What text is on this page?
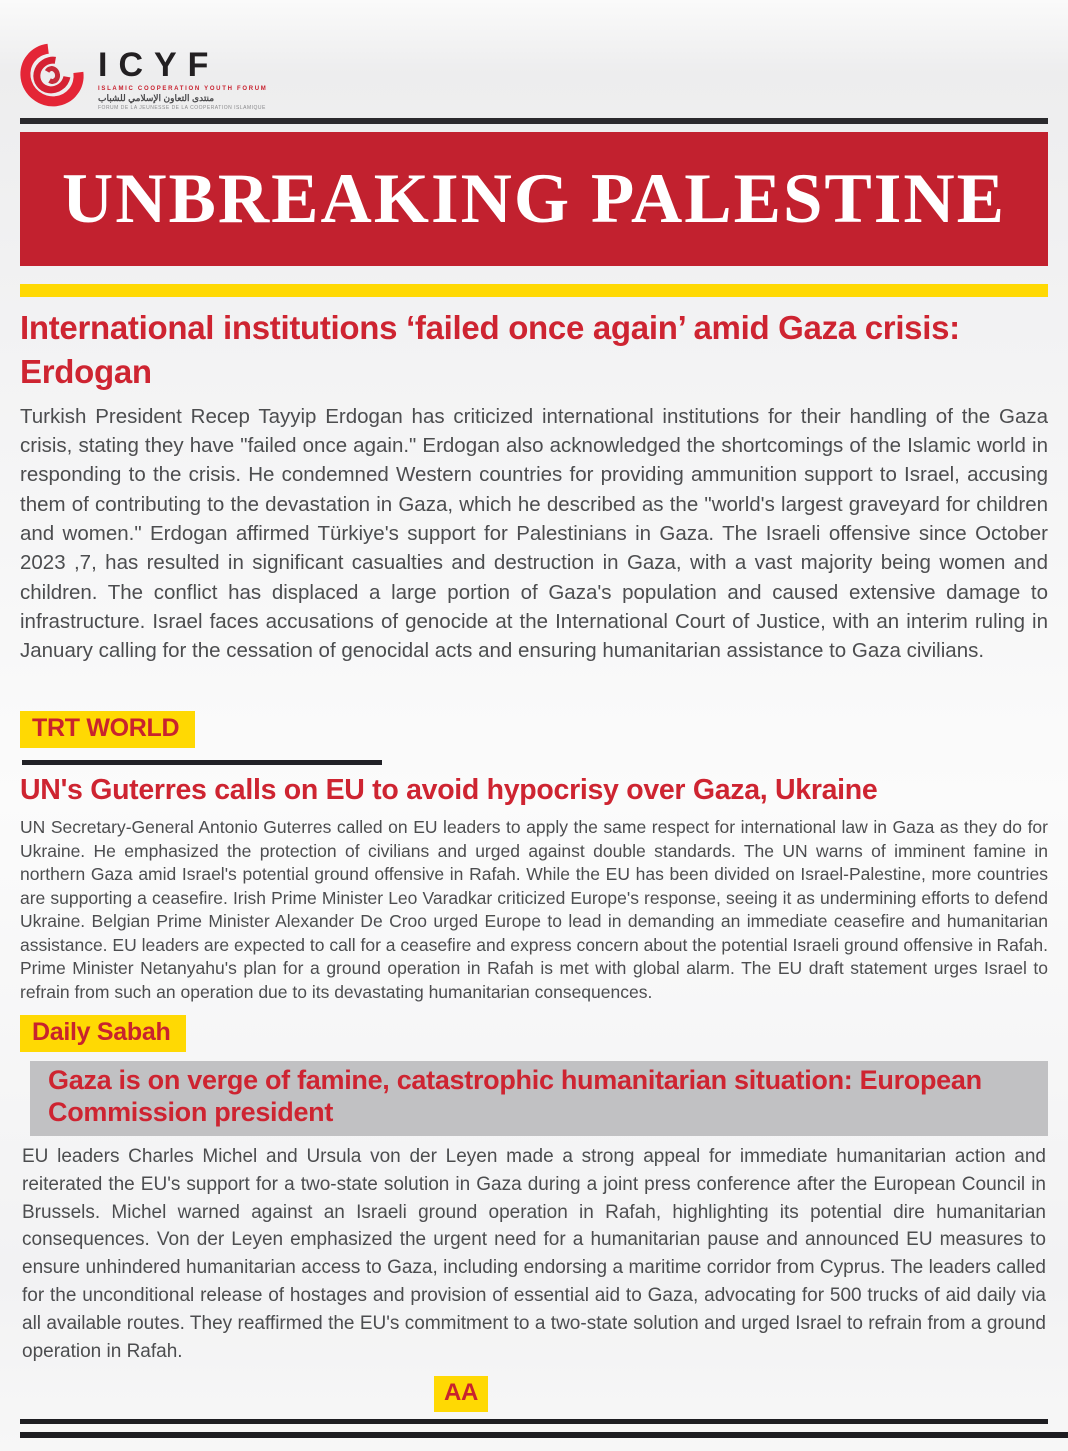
ICYF
ISLAMIC COOPERATION YOUTH FORUM
منتدى التعاون الإسلامي للشباب
FORUM DE LA JEUNESSE DE LA COOPERATION ISLAMIQUE
UNBREAKING PALESTINE
International institutions ‘failed once again’ amid Gaza crisis: Erdogan

Turkish President Recep Tayyip Erdogan has criticized international institutions for their handling of the Gaza crisis, stating they have "failed once again." Erdogan also acknowledged the shortcomings of the Islamic world in responding to the crisis. He condemned Western countries for providing ammunition support to Israel, accusing them of contributing to the devastation in Gaza, which he described as the "world's largest graveyard for children and women." Erdogan affirmed Türkiye's support for Palestinians in Gaza. The Israeli offensive since October 2023 ,7, has resulted in significant casualties and destruction in Gaza, with a vast majority being women and children. The conflict has displaced a large portion of Gaza's population and caused extensive damage to infrastructure. Israel faces accusations of genocide at the International Court of Justice, with an interim ruling in January calling for the cessation of genocidal acts and ensuring humanitarian assistance to Gaza civilians.

TRT WORLD
UN's Guterres calls on EU to avoid hypocrisy over Gaza, Ukraine

UN Secretary-General Antonio Guterres called on EU leaders to apply the same respect for international law in Gaza as they do for Ukraine. He emphasized the protection of civilians and urged against double standards. The UN warns of imminent famine in northern Gaza amid Israel's potential ground offensive in Rafah. While the EU has been divided on Israel-Palestine, more countries are supporting a ceasefire. Irish Prime Minister Leo Varadkar criticized Europe's response, seeing it as undermining efforts to defend Ukraine. Belgian Prime Minister Alexander De Croo urged Europe to lead in demanding an immediate ceasefire and humanitarian assistance. EU leaders are expected to call for a ceasefire and express concern about the potential Israeli ground offensive in Rafah. Prime Minister Netanyahu's plan for a ground operation in Rafah is met with global alarm. The EU draft statement urges Israel to refrain from such an operation due to its devastating humanitarian consequences.

Daily Sabah
Gaza is on verge of famine, catastrophic humanitarian situation: European Commission president

EU leaders Charles Michel and Ursula von der Leyen made a strong appeal for immediate humanitarian action and reiterated the EU's support for a two-state solution in Gaza during a joint press conference after the European Council in Brussels. Michel warned against an Israeli ground operation in Rafah, highlighting its potential dire humanitarian consequences. Von der Leyen emphasized the urgent need for a humanitarian pause and announced EU measures to ensure unhindered humanitarian access to Gaza, including endorsing a maritime corridor from Cyprus. The leaders called for the unconditional release of hostages and provision of essential aid to Gaza, advocating for 500 trucks of aid daily via all available routes. They reaffirmed the EU's commitment to a two-state solution and urged Israel to refrain from a ground operation in Rafah.

AA
